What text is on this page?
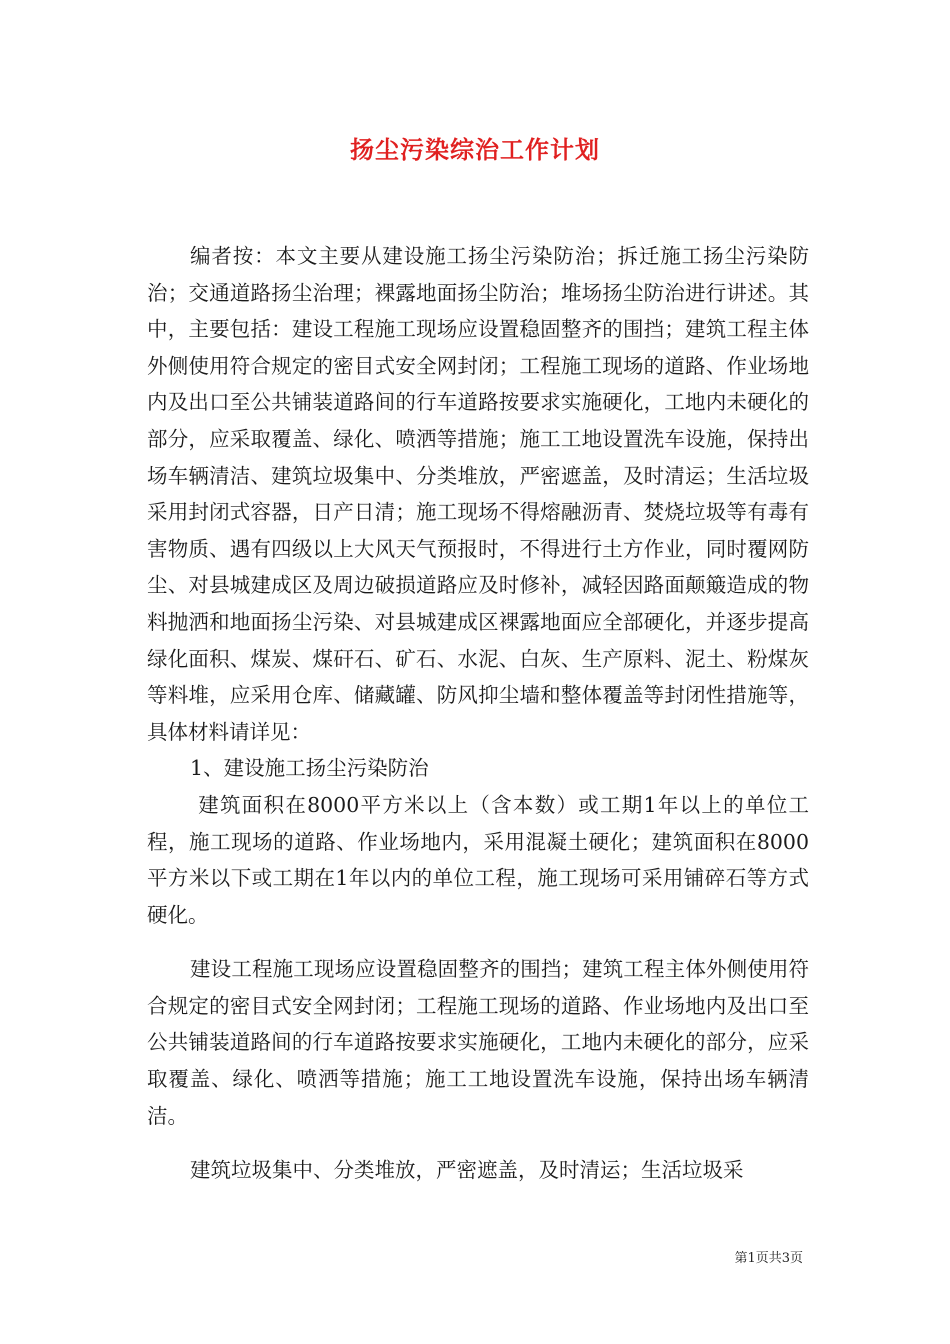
扬尘污染综治工作计划

编者按：本文主要从建设施工扬尘污染防治；拆迁施工扬尘污染防治；交通道路扬尘治理；裸露地面扬尘防治；堆场扬尘防治进行讲述。其中，主要包括：建设工程施工现场应设置稳固整齐的围挡；建筑工程主体外侧使用符合规定的密目式安全网封闭；工程施工现场的道路、作业场地内及出口至公共铺装道路间的行车道路按要求实施硬化，工地内未硬化的部分，应采取覆盖、绿化、喷洒等措施；施工工地设置洗车设施，保持出场车辆清洁、建筑垃圾集中、分类堆放，严密遮盖，及时清运；生活垃圾采用封闭式容器，日产日清；施工现场不得熔融沥青、焚烧垃圾等有毒有害物质、遇有四级以上大风天气预报时，不得进行土方作业，同时覆网防尘、对县城建成区及周边破损道路应及时修补，减轻因路面颠簸造成的物料抛洒和地面扬尘污染、对县城建成区裸露地面应全部硬化，并逐步提高绿化面积、煤炭、煤矸石、矿石、水泥、白灰、生产原料、泥土、粉煤灰等料堆，应采用仓库、储藏罐、防风抑尘墙和整体覆盖等封闭性措施等，具体材料请详见：

1、建设施工扬尘污染防治

建筑面积在8000平方米以上（含本数）或工期1年以上的单位工程，施工现场的道路、作业场地内，采用混凝土硬化；建筑面积在8000平方米以下或工期在1年以内的单位工程，施工现场可采用铺碎石等方式硬化。

建设工程施工现场应设置稳固整齐的围挡；建筑工程主体外侧使用符合规定的密目式安全网封闭；工程施工现场的道路、作业场地内及出口至公共铺装道路间的行车道路按要求实施硬化，工地内未硬化的部分，应采取覆盖、绿化、喷洒等措施；施工工地设置洗车设施，保持出场车辆清洁。

建筑垃圾集中、分类堆放，严密遮盖，及时清运；生活垃圾采

第1页共3页
